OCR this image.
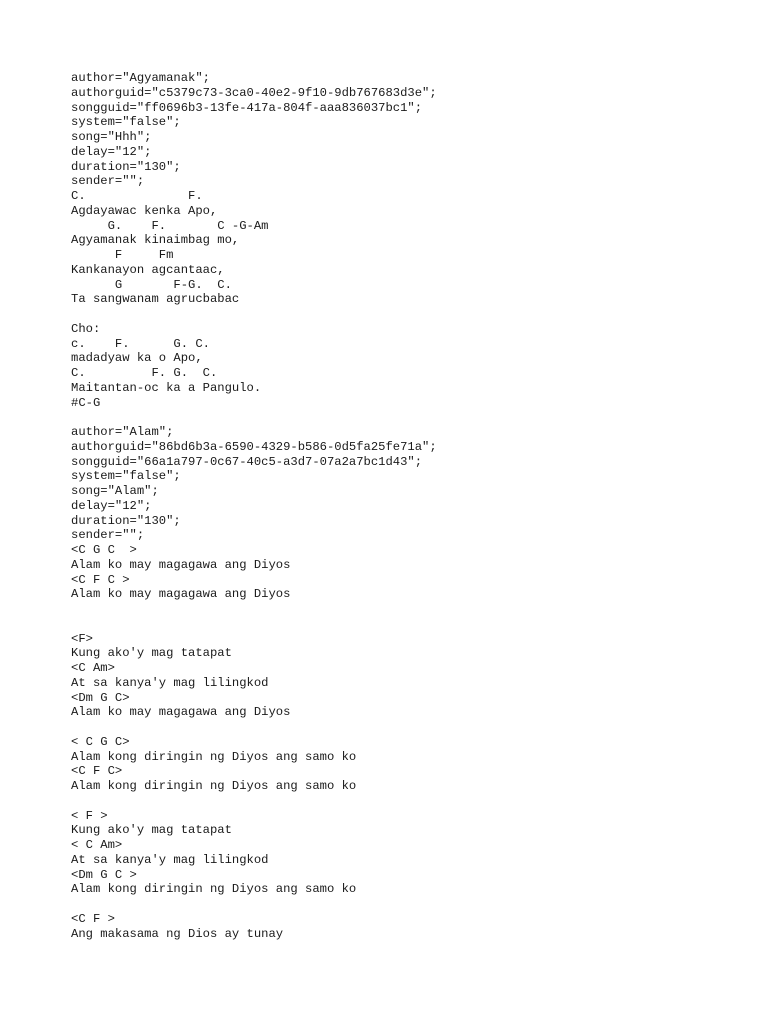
author="Agyamanak";
authorguid="c5379c73-3ca0-40e2-9f10-9db767683d3e";
songguid="ff0696b3-13fe-417a-804f-aaa836037bc1";
system="false";
song="Hhh";
delay="12";
duration="130";
sender="";
C.              F.
Agdayawac kenka Apo,
G.    F.       C -G-Am
Agyamanak kinaimbag mo,
F     Fm
Kankanayon agcantaac,
G       F-G.  C.
Ta sangwanam agrucbabac
Cho:
c.    F.      G. C.
madadyaw ka o Apo,
C.         F. G.  C.
Maitantan-oc ka a Pangulo.
#C-G
author="Alam";
authorguid="86bd6b3a-6590-4329-b586-0d5fa25fe71a";
songguid="66a1a797-0c67-40c5-a3d7-07a2a7bc1d43";
system="false";
song="Alam";
delay="12";
duration="130";
sender="";
<C G C  >
Alam ko may magagawa ang Diyos
<C F C >
Alam ko may magagawa ang Diyos
<F>
Kung ako'y mag tatapat
<C Am>
At sa kanya'y mag lilingkod
<Dm G C>
Alam ko may magagawa ang Diyos
< C G C>
Alam kong diringin ng Diyos ang samo ko
<C F C>
Alam kong diringin ng Diyos ang samo ko
< F >
Kung ako'y mag tatapat
< C Am>
At sa kanya'y mag lilingkod
<Dm G C >
Alam kong diringin ng Diyos ang samo ko
<C F >
Ang makasama ng Dios ay tunay
